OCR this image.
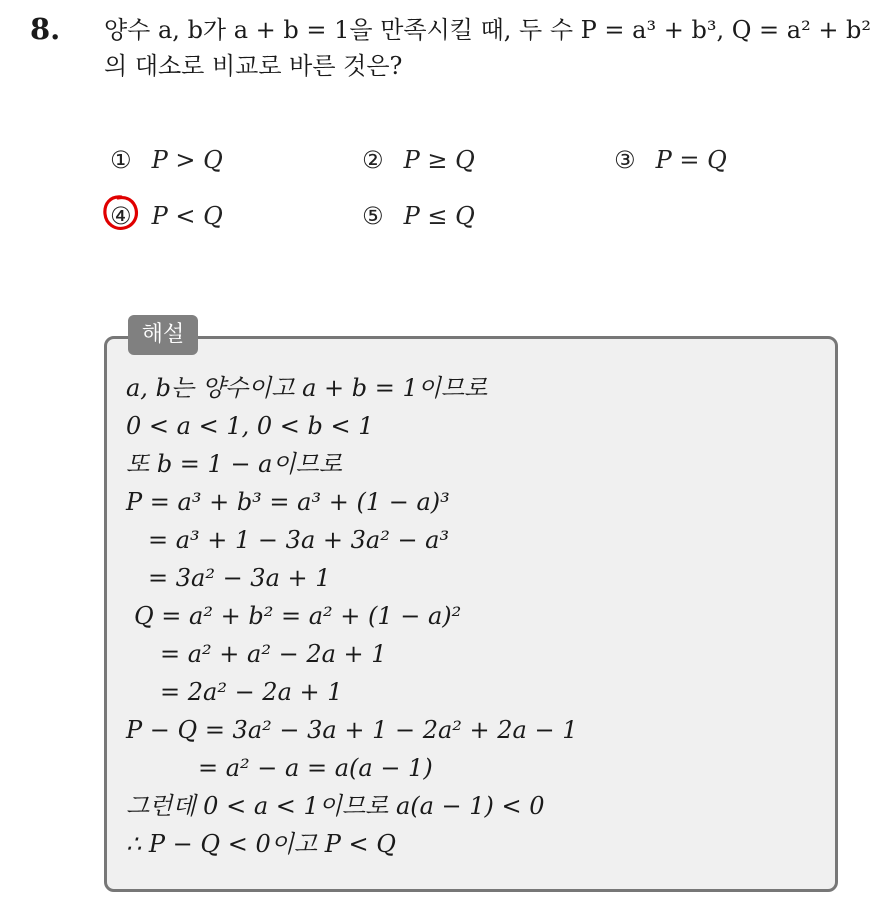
8. 양수 a, b가 a + b = 1을 만족시킬 때, 두 수 P = a³ + b³, Q = a² + b²
의 대소로 비교로 바른 것은?
① P > Q	② P ≥ Q	③ P = Q
④ P < Q	⑤ P ≤ Q
해설
a, b는 양수이고 a + b = 1이므로
0 < a < 1, 0 < b < 1
또 b = 1 − a이므로
P = a³ + b³ = a³ + (1 − a)³
= a³ + 1 − 3a + 3a² − a³
= 3a² − 3a + 1
Q = a² + b² = a² + (1 − a)²
= a² + a² − 2a + 1
= 2a² − 2a + 1
P − Q = 3a² − 3a + 1 − 2a² + 2a − 1
= a² − a = a(a − 1)
그런데 0 < a < 1이므로 a(a − 1) < 0
∴ P − Q < 0이고 P < Q
